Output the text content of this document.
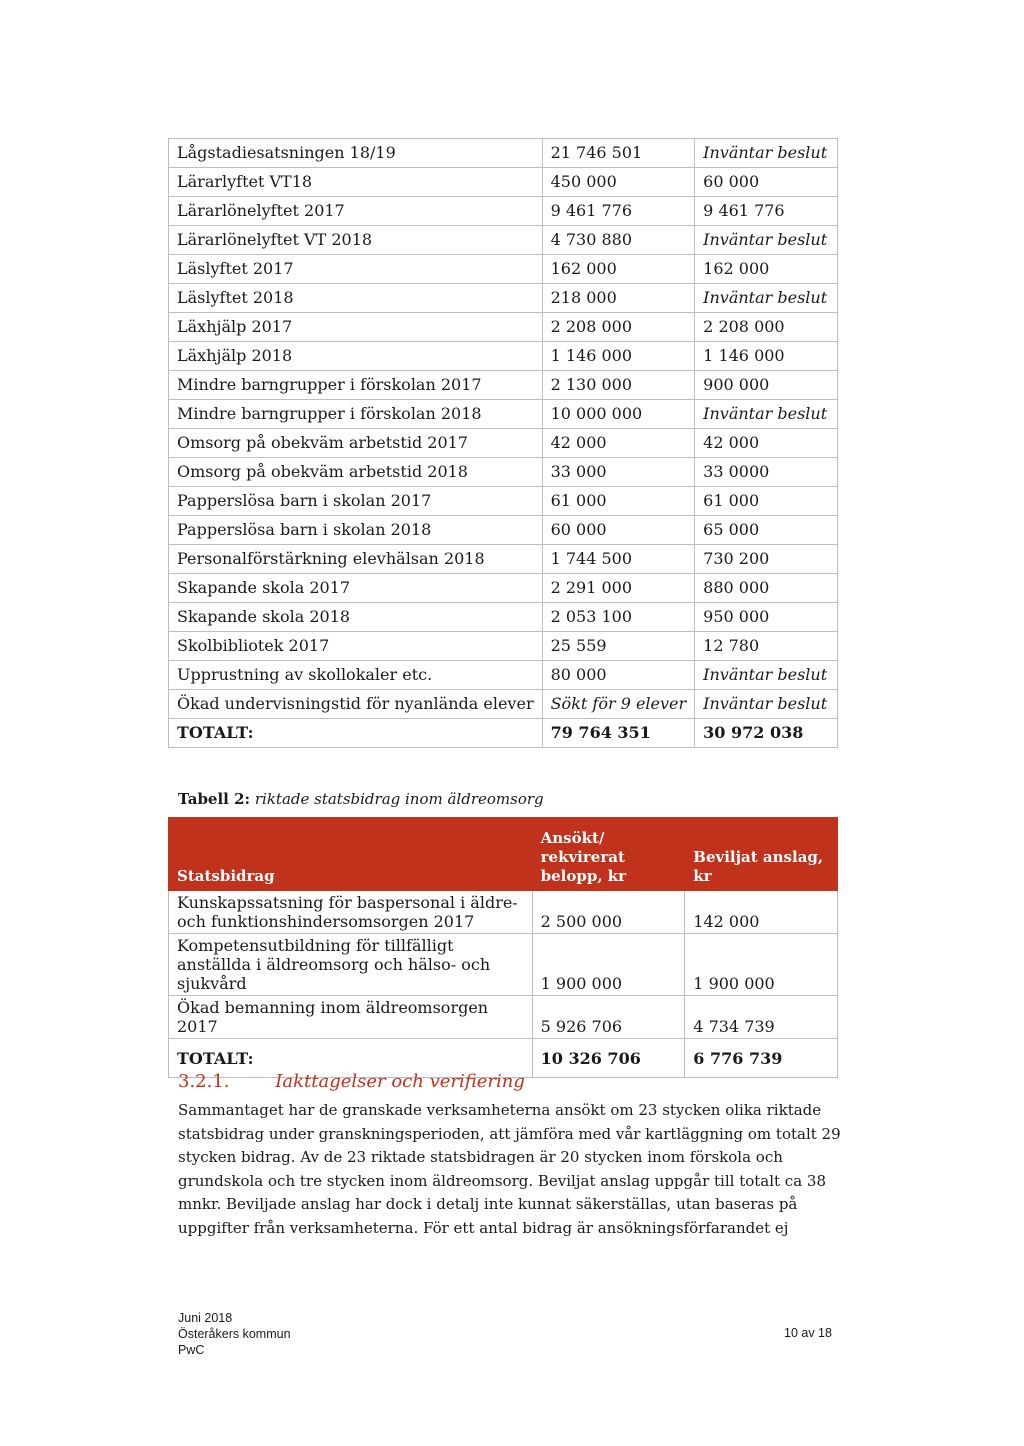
Lågstadiesatsningen 18/19	21 746 501	Inväntar beslut
Lärarlyftet VT18	450 000	60 000
Lärarlönelyftet 2017	9 461 776	9 461 776
Lärarlönelyftet VT 2018	4 730 880	Inväntar beslut
Läslyftet 2017	162 000	162 000
Läslyftet 2018	218 000	Inväntar beslut
Läxhjälp 2017	2 208 000	2 208 000
Läxhjälp 2018	1 146 000	1 146 000
Mindre barngrupper i förskolan 2017	2 130 000	900 000
Mindre barngrupper i förskolan 2018	10 000 000	Inväntar beslut
Omsorg på obekväm arbetstid 2017	42 000	42 000
Omsorg på obekväm arbetstid 2018	33 000	33 0000
Papperslösa barn i skolan 2017	61 000	61 000
Papperslösa barn i skolan 2018	60 000	65 000
Personalförstärkning elevhälsan 2018	1 744 500	730 200
Skapande skola 2017	2 291 000	880 000
Skapande skola 2018	2 053 100	950 000
Skolbibliotek 2017	25 559	12 780
Upprustning av skollokaler etc.	80 000	Inväntar beslut
Ökad undervisningstid för nyanlända elever	Sökt för 9 elever	Inväntar beslut
TOTALT:	79 764 351	30 972 038
Tabell 2: riktade statsbidrag inom äldreomsorg
Statsbidrag	Ansökt/ rekvirerat belopp, kr	Beviljat anslag, kr
Kunskapssatsning för baspersonal i äldre- och funktionshindersomsorgen 2017	2 500 000	142 000
Kompetensutbildning för tillfälligt anställda i äldreomsorg och hälso- och sjukvård	1 900 000	1 900 000
Ökad bemanning inom äldreomsorgen 2017	5 926 706	4 734 739
TOTALT:	10 326 706	6 776 739
3.2.1.	Iakttagelser och verifiering

Sammantaget har de granskade verksamheterna ansökt om 23 stycken olika riktade statsbidrag under granskningsperioden, att jämföra med vår kartläggning om totalt 29 stycken bidrag. Av de 23 riktade statsbidragen är 20 stycken inom förskola och grundskola och tre stycken inom äldreomsorg. Beviljat anslag uppgår till totalt ca 38 mnkr. Beviljade anslag har dock i detalj inte kunnat säkerställas, utan baseras på uppgifter från verksamheterna. För ett antal bidrag är ansökningsförfarandet ej

Juni 2018
Österåkers kommun
PwC
10 av 18
